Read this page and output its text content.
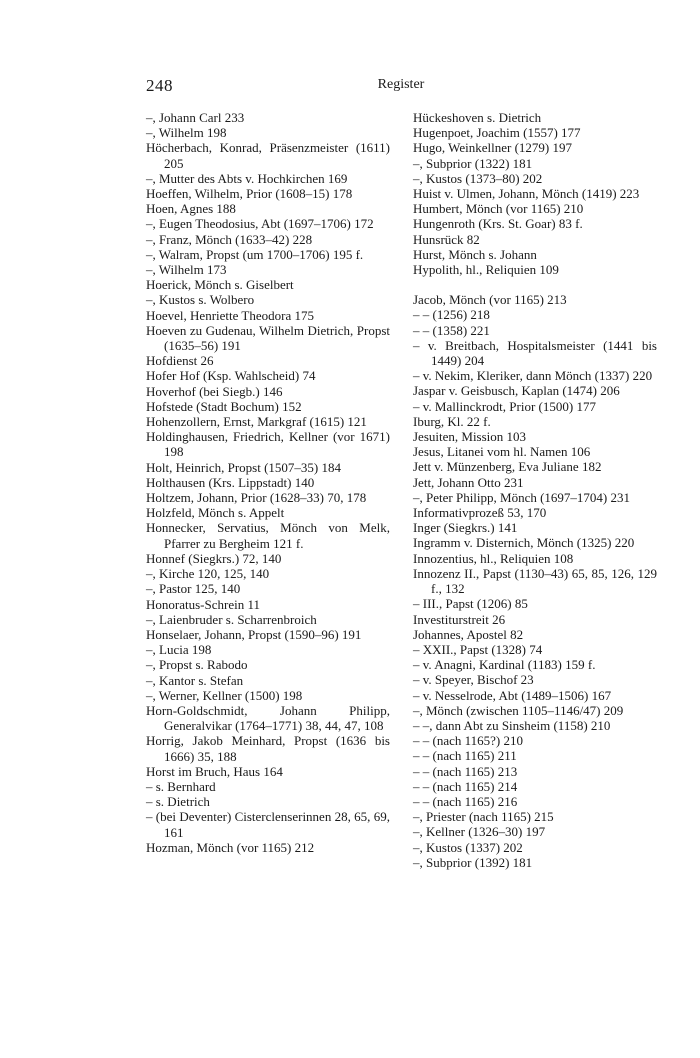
248	Register

–, Johann Carl 233

–, Wilhelm 198

Höcherbach, Konrad, Präsenzmeister (1611) 205

–, Mutter des Abts v. Hochkirchen 169

Hoeffen, Wilhelm, Prior (1608–15) 178

Hoen, Agnes 188

–, Eugen Theodosius, Abt (1697–1706) 172

–, Franz, Mönch (1633–42) 228

–, Walram, Propst (um 1700–1706) 195 f.

–, Wilhelm 173

Hoerick, Mönch s. Giselbert

–, Kustos s. Wolbero

Hoevel, Henriette Theodora 175

Hoeven zu Gudenau, Wilhelm Dietrich, Propst (1635–56) 191

Hofdienst 26

Hofer Hof (Ksp. Wahlscheid) 74

Hoverhof (bei Siegb.) 146

Hofstede (Stadt Bochum) 152

Hohenzollern, Ernst, Markgraf (1615) 121

Holdinghausen, Friedrich, Kellner (vor 1671) 198

Holt, Heinrich, Propst (1507–35) 184

Holthausen (Krs. Lippstadt) 140

Holtzem, Johann, Prior (1628–33) 70, 178

Holzfeld, Mönch s. Appelt

Honnecker, Servatius, Mönch von Melk, Pfarrer zu Bergheim 121 f.

Honnef (Siegkrs.) 72, 140

–, Kirche 120, 125, 140

–, Pastor 125, 140

Honoratus-Schrein 11

–, Laienbruder s. Scharrenbroich

Honselaer, Johann, Propst (1590–96) 191

–, Lucia 198

–, Propst s. Rabodo

–, Kantor s. Stefan

–, Werner, Kellner (1500) 198

Horn-Goldschmidt, Johann Philipp, Generalvikar (1764–1771) 38, 44, 47, 108

Horrig, Jakob Meinhard, Propst (1636 bis 1666) 35, 188

Horst im Bruch, Haus 164

– s. Bernhard

– s. Dietrich

– (bei Deventer) Cisterclenserinnen 28, 65, 69, 161

Hozman, Mönch (vor 1165) 212

Hückeshoven s. Dietrich

Hugenpoet, Joachim (1557) 177

Hugo, Weinkellner (1279) 197

–, Subprior (1322) 181

–, Kustos (1373–80) 202

Huist v. Ulmen, Johann, Mönch (1419) 223

Humbert, Mönch (vor 1165) 210

Hungenroth (Krs. St. Goar) 83 f.

Hunsrück 82

Hurst, Mönch s. Johann

Hypolith, hl., Reliquien 109

Jacob, Mönch (vor 1165) 213

– – (1256) 218

– – (1358) 221

– v. Breitbach, Hospitalsmeister (1441 bis 1449) 204

– v. Nekim, Kleriker, dann Mönch (1337) 220

Jaspar v. Geisbusch, Kaplan (1474) 206

– v. Mallinckrodt, Prior (1500) 177

Iburg, Kl. 22 f.

Jesuiten, Mission 103

Jesus, Litanei vom hl. Namen 106

Jett v. Münzenberg, Eva Juliane 182

Jett, Johann Otto 231

–, Peter Philipp, Mönch (1697–1704) 231

Informativprozeß 53, 170

Inger (Siegkrs.) 141

Ingramm v. Disternich, Mönch (1325) 220

Innozentius, hl., Reliquien 108

Innozenz II., Papst (1130–43) 65, 85, 126, 129 f., 132

– III., Papst (1206) 85

Investiturstreit 26

Johannes, Apostel 82

– XXII., Papst (1328) 74

– v. Anagni, Kardinal (1183) 159 f.

– v. Speyer, Bischof 23

– v. Nesselrode, Abt (1489–1506) 167

–, Mönch (zwischen 1105–1146/47) 209

– –, dann Abt zu Sinsheim (1158) 210

– – (nach 1165?) 210

– – (nach 1165) 211

– – (nach 1165) 213

– – (nach 1165) 214

– – (nach 1165) 216

–, Priester (nach 1165) 215

–, Kellner (1326–30) 197

–, Kustos (1337) 202

–, Subprior (1392) 181
